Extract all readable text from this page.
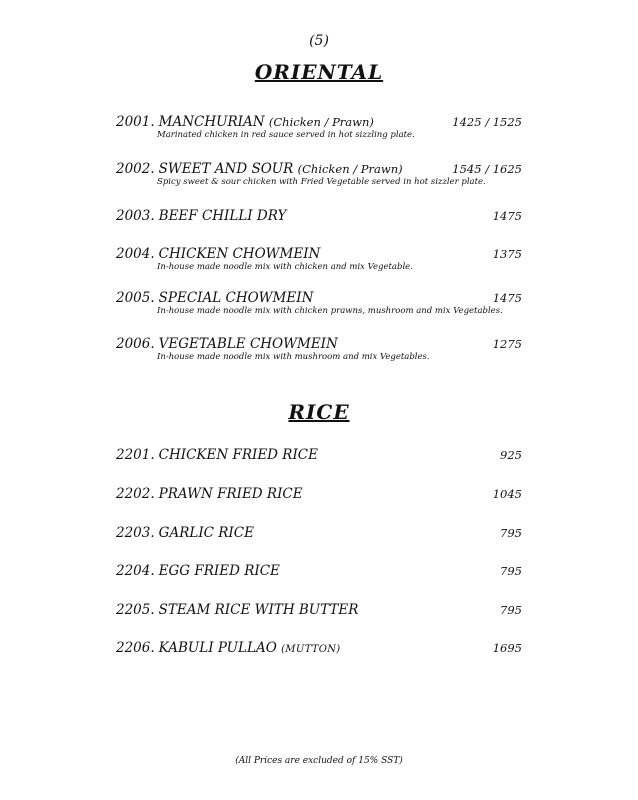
(5)
ORIENTAL
2001. MANCHURIAN (Chicken / Prawn)	1425 / 1525
Marinated chicken in red sauce served in hot sizzling plate.
2002. SWEET AND SOUR (Chicken / Prawn)	1545 / 1625
Spicy sweet & sour chicken with Fried Vegetable served in hot sizzler plate.
2003. BEEF CHILLI DRY	1475
2004. CHICKEN CHOWMEIN	1375
In-house made noodle mix with chicken and mix Vegetable.
2005. SPECIAL CHOWMEIN	1475
In-house made noodle mix with chicken prawns, mushroom and mix Vegetables.
2006. VEGETABLE CHOWMEIN	1275
In-house made noodle mix with mushroom and mix Vegetables.
RICE
2201. CHICKEN FRIED RICE	925
2202. PRAWN FRIED RICE	1045
2203. GARLIC RICE	795
2204. EGG FRIED RICE	795
2205. STEAM RICE WITH BUTTER	795
2206. KABULI PULLAO (MUTTON)	1695
(All Prices are excluded of 15% SST)
